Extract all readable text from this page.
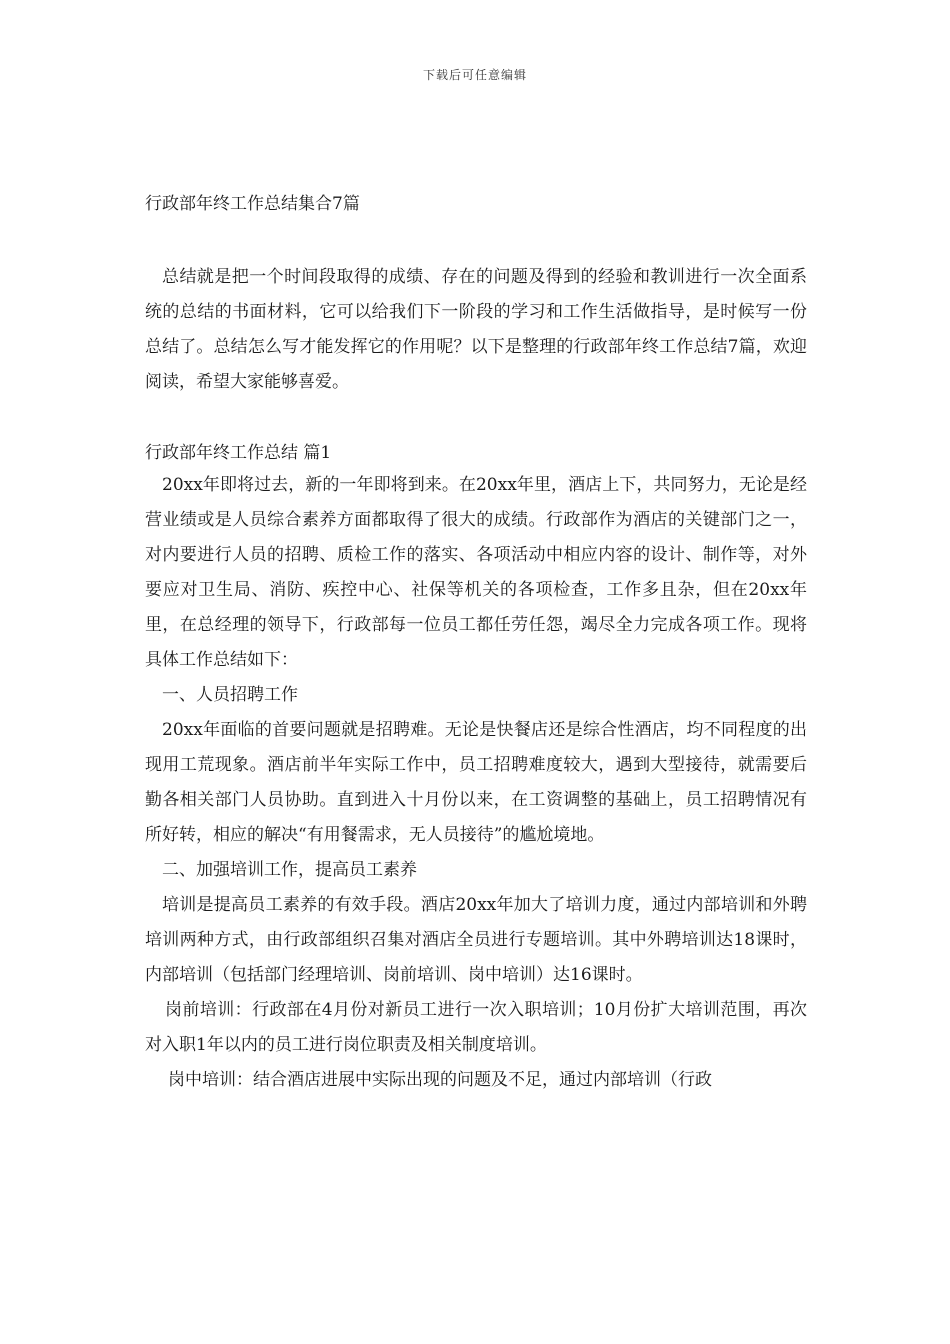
下载后可任意编辑
行政部年终工作总结集合7篇

总结就是把一个时间段取得的成绩、存在的问题及得到的经验和教训进行一次全面系统的总结的书面材料，它可以给我们下一阶段的学习和工作生活做指导，是时候写一份总结了。总结怎么写才能发挥它的作用呢？以下是整理的行政部年终工作总结7篇，欢迎阅读，希望大家能够喜爱。

行政部年终工作总结 篇1

20xx年即将过去，新的一年即将到来。在20xx年里，酒店上下，共同努力，无论是经营业绩或是人员综合素养方面都取得了很大的成绩。行政部作为酒店的关键部门之一，对内要进行人员的招聘、质检工作的落实、各项活动中相应内容的设计、制作等，对外要应对卫生局、消防、疾控中心、社保等机关的各项检查，工作多且杂，但在20xx年里，在总经理的领导下，行政部每一位员工都任劳任怨，竭尽全力完成各项工作。现将具体工作总结如下：

一、人员招聘工作

20xx年面临的首要问题就是招聘难。无论是快餐店还是综合性酒店，均不同程度的出现用工荒现象。酒店前半年实际工作中，员工招聘难度较大，遇到大型接待，就需要后勤各相关部门人员协助。直到进入十月份以来，在工资调整的基础上，员工招聘情况有所好转，相应的解决“有用餐需求，无人员接待”的尴尬境地。

二、加强培训工作，提高员工素养

培训是提高员工素养的有效手段。酒店20xx年加大了培训力度，通过内部培训和外聘培训两种方式，由行政部组织召集对酒店全员进行专题培训。其中外聘培训达18课时，内部培训（包括部门经理培训、岗前培训、岗中培训）达16课时。

岗前培训：行政部在4月份对新员工进行一次入职培训；10月份扩大培训范围，再次对入职1年以内的员工进行岗位职责及相关制度培训。

岗中培训：结合酒店进展中实际出现的问题及不足，通过内部培训（行政
